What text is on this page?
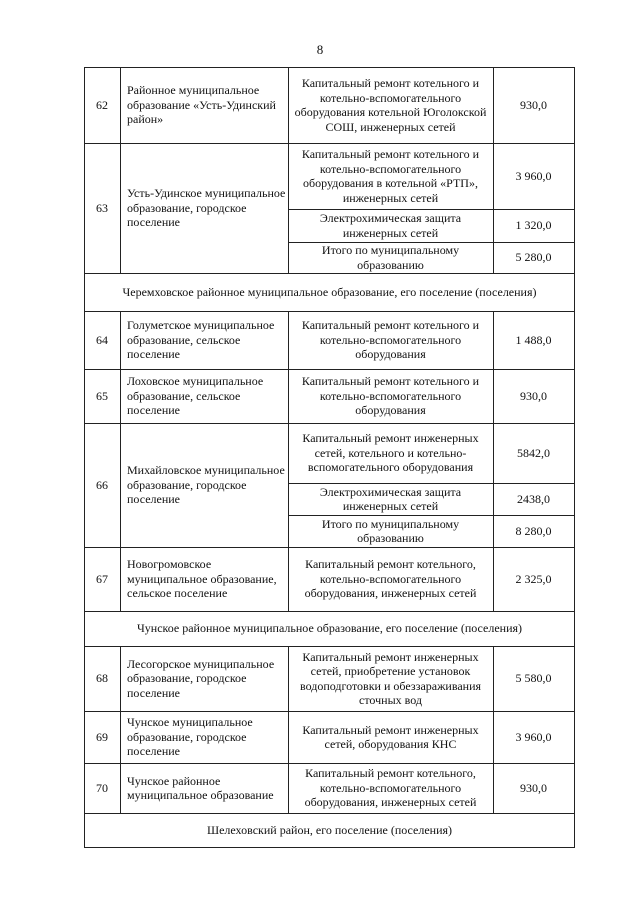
8
62
Районное муниципальное образование «Усть-Удинский район»
Капитальный ремонт котельного и котельно-вспомогательного оборудования котельной Юголокской СОШ, инженерных сетей
930,0
63
Усть-Удинское муниципальное образование, городское поселение
Капитальный ремонт котельного и котельно-вспомогательного оборудования в котельной «РТП», инженерных сетей
3 960,0
Электрохимическая защита инженерных сетей
1 320,0
Итого по муниципальному образованию
5 280,0
Черемховское районное муниципальное образование, его поселение (поселения)
64
Голуметское муниципальное образование, сельское поселение
Капитальный ремонт котельного и котельно-вспомогательного оборудования
1 488,0
65
Лоховское муниципальное образование, сельское поселение
Капитальный ремонт котельного и котельно-вспомогательного оборудования
930,0
66
Михайловское муниципальное образование, городское поселение
Капитальный ремонт инженерных сетей, котельного и котельно-вспомогательного оборудования
5842,0
Электрохимическая защита инженерных сетей
2438,0
Итого по муниципальному образованию
8 280,0
67
Новогромовское муниципальное образование, сельское поселение
Капитальный ремонт котельного, котельно-вспомогательного оборудования, инженерных сетей
2 325,0
Чунское районное муниципальное образование, его поселение (поселения)
68
Лесогорское муниципальное образование, городское поселение
Капитальный ремонт инженерных сетей, приобретение установок водоподготовки и обеззараживания сточных вод
5 580,0
69
Чунское муниципальное образование, городское поселение
Капитальный ремонт инженерных сетей, оборудования КНС
3 960,0
70
Чунское районное муниципальное образование
Капитальный ремонт котельного, котельно-вспомогательного оборудования, инженерных сетей
930,0
Шелеховский район, его поселение (поселения)
